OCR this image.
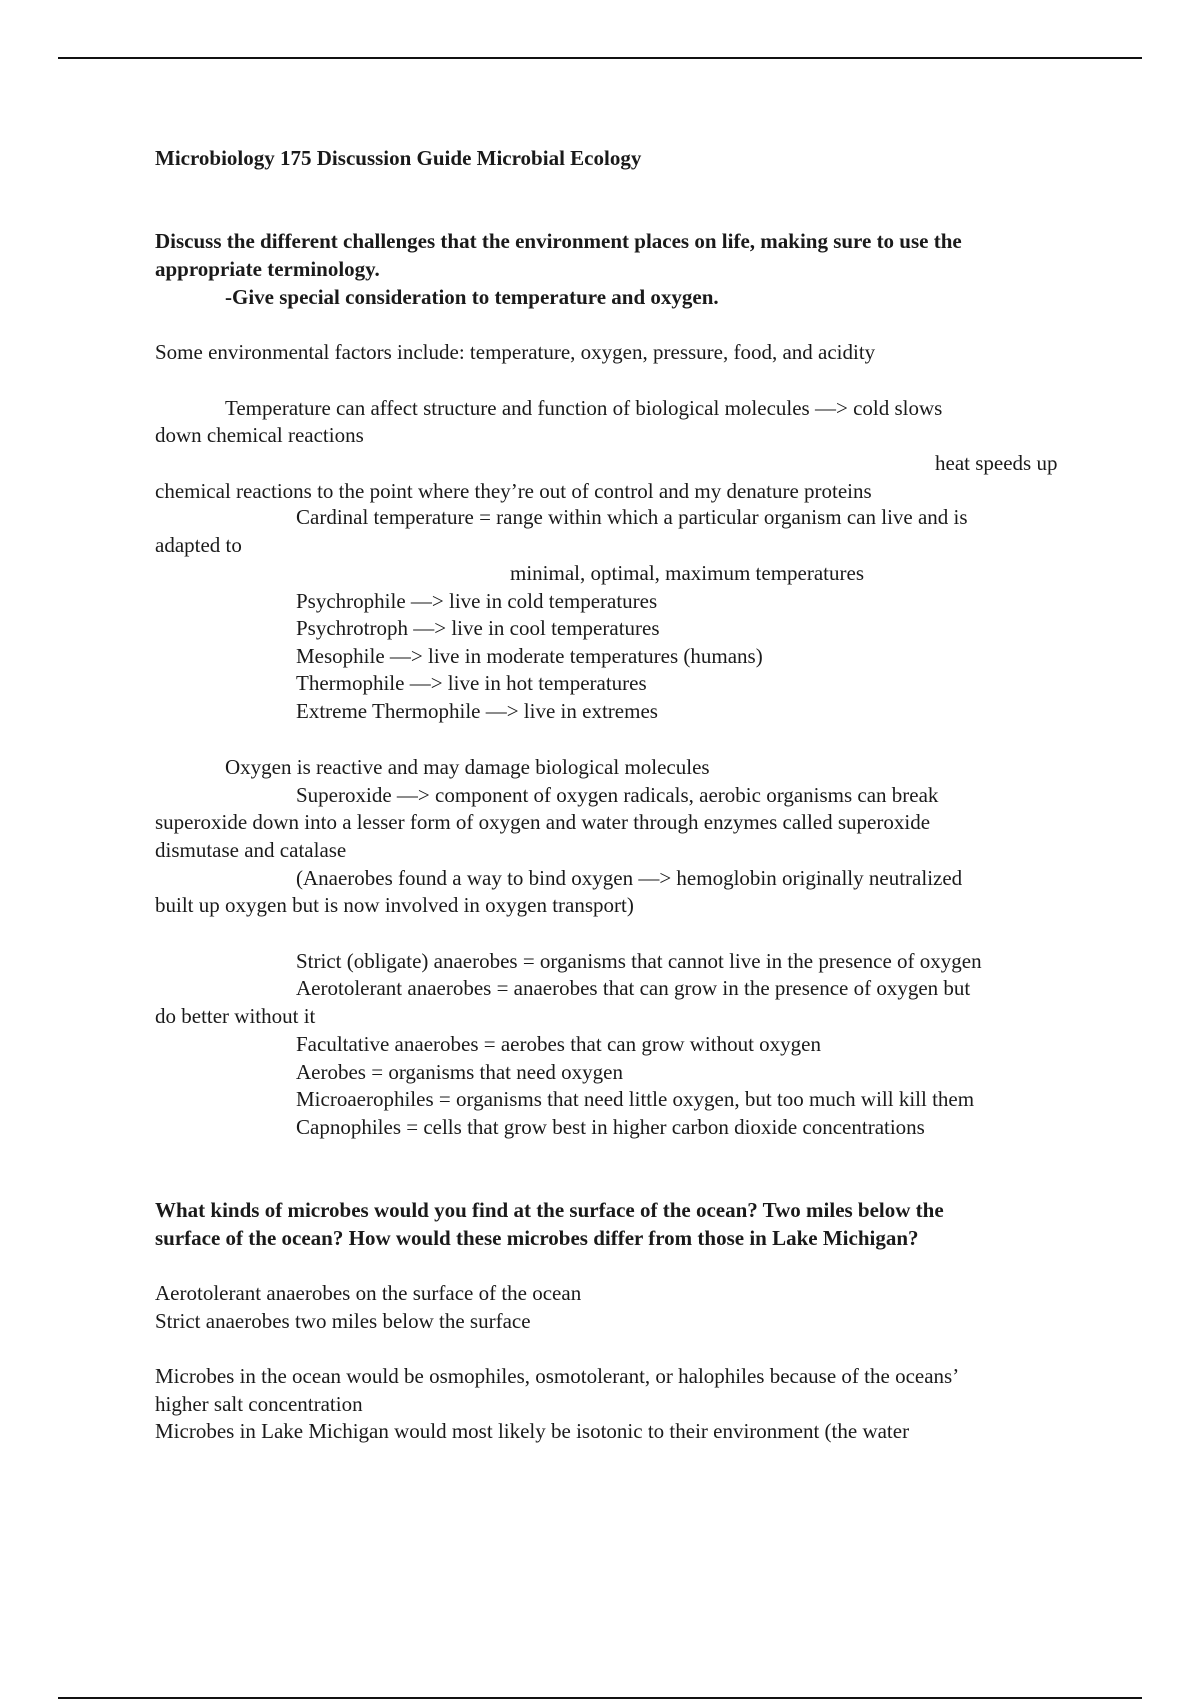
Microbiology 175 Discussion Guide Microbial Ecology
Discuss the different challenges that the environment places on life, making sure to use the
appropriate terminology.
-Give special consideration to temperature and oxygen.
Some environmental factors include: temperature, oxygen, pressure, food, and acidity
Temperature can affect structure and function of biological molecules —> cold slows
down chemical reactions
heat speeds up
chemical reactions to the point where they’re out of control and my denature proteins
Cardinal temperature = range within which a particular organism can live and is
adapted to
minimal, optimal, maximum temperatures
Psychrophile —> live in cold temperatures
Psychrotroph —> live in cool temperatures
Mesophile —> live in moderate temperatures (humans)
Thermophile —> live in hot temperatures
Extreme Thermophile —> live in extremes
Oxygen is reactive and may damage biological molecules
Superoxide —> component of oxygen radicals, aerobic organisms can break
superoxide down into a lesser form of oxygen and water through enzymes called superoxide
dismutase and catalase
(Anaerobes found a way to bind oxygen —> hemoglobin originally neutralized
built up oxygen but is now involved in oxygen transport)
Strict (obligate) anaerobes = organisms that cannot live in the presence of oxygen
Aerotolerant anaerobes = anaerobes that can grow in the presence of oxygen but
do better without it
Facultative anaerobes = aerobes that can grow without oxygen
Aerobes = organisms that need oxygen
Microaerophiles = organisms that need little oxygen, but too much will kill them
Capnophiles = cells that grow best in higher carbon dioxide concentrations
What kinds of microbes would you find at the surface of the ocean? Two miles below the
surface of the ocean? How would these microbes differ from those in Lake Michigan?
Aerotolerant anaerobes on the surface of the ocean
Strict anaerobes two miles below the surface
Microbes in the ocean would be osmophiles, osmotolerant, or halophiles because of the oceans’
higher salt concentration
Microbes in Lake Michigan would most likely be isotonic to their environment (the water
